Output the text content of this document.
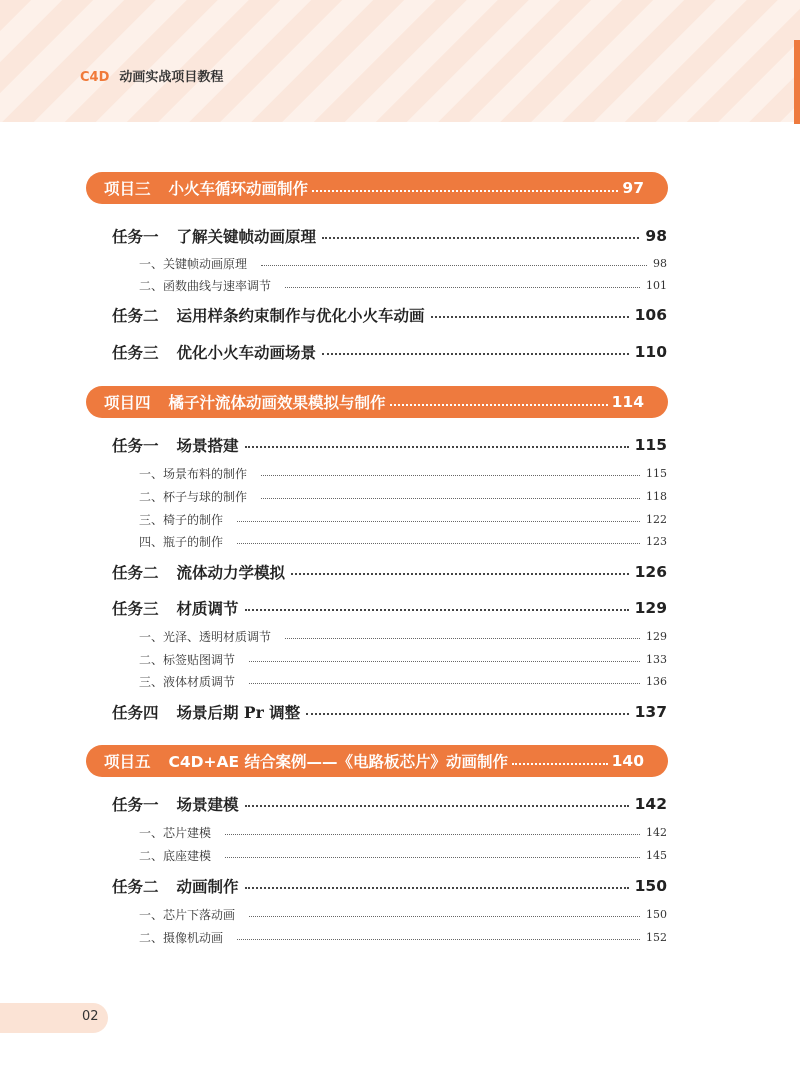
C4D 动画实战项目教程
项目三 小火车循环动画制作	97
任务一 了解关键帧动画原理	98
一、关键帧动画原理	98
二、函数曲线与速率调节	101
任务二 运用样条约束制作与优化小火车动画	106
任务三 优化小火车动画场景	110
项目四 橘子汁流体动画效果模拟与制作	114
任务一 场景搭建	115
一、场景布料的制作	115
二、杯子与球的制作	118
三、椅子的制作	122
四、瓶子的制作	123
任务二 流体动力学模拟	126
任务三 材质调节	129
一、光泽、透明材质调节	129
二、标签贴图调节	133
三、液体材质调节	136
任务四 场景后期 Pr 调整	137
项目五 C4D+AE 结合案例——《电路板芯片》动画制作	140
任务一 场景建模	142
一、芯片建模	142
二、底座建模	145
任务二 动画制作	150
一、芯片下落动画	150
二、摄像机动画	152
02
